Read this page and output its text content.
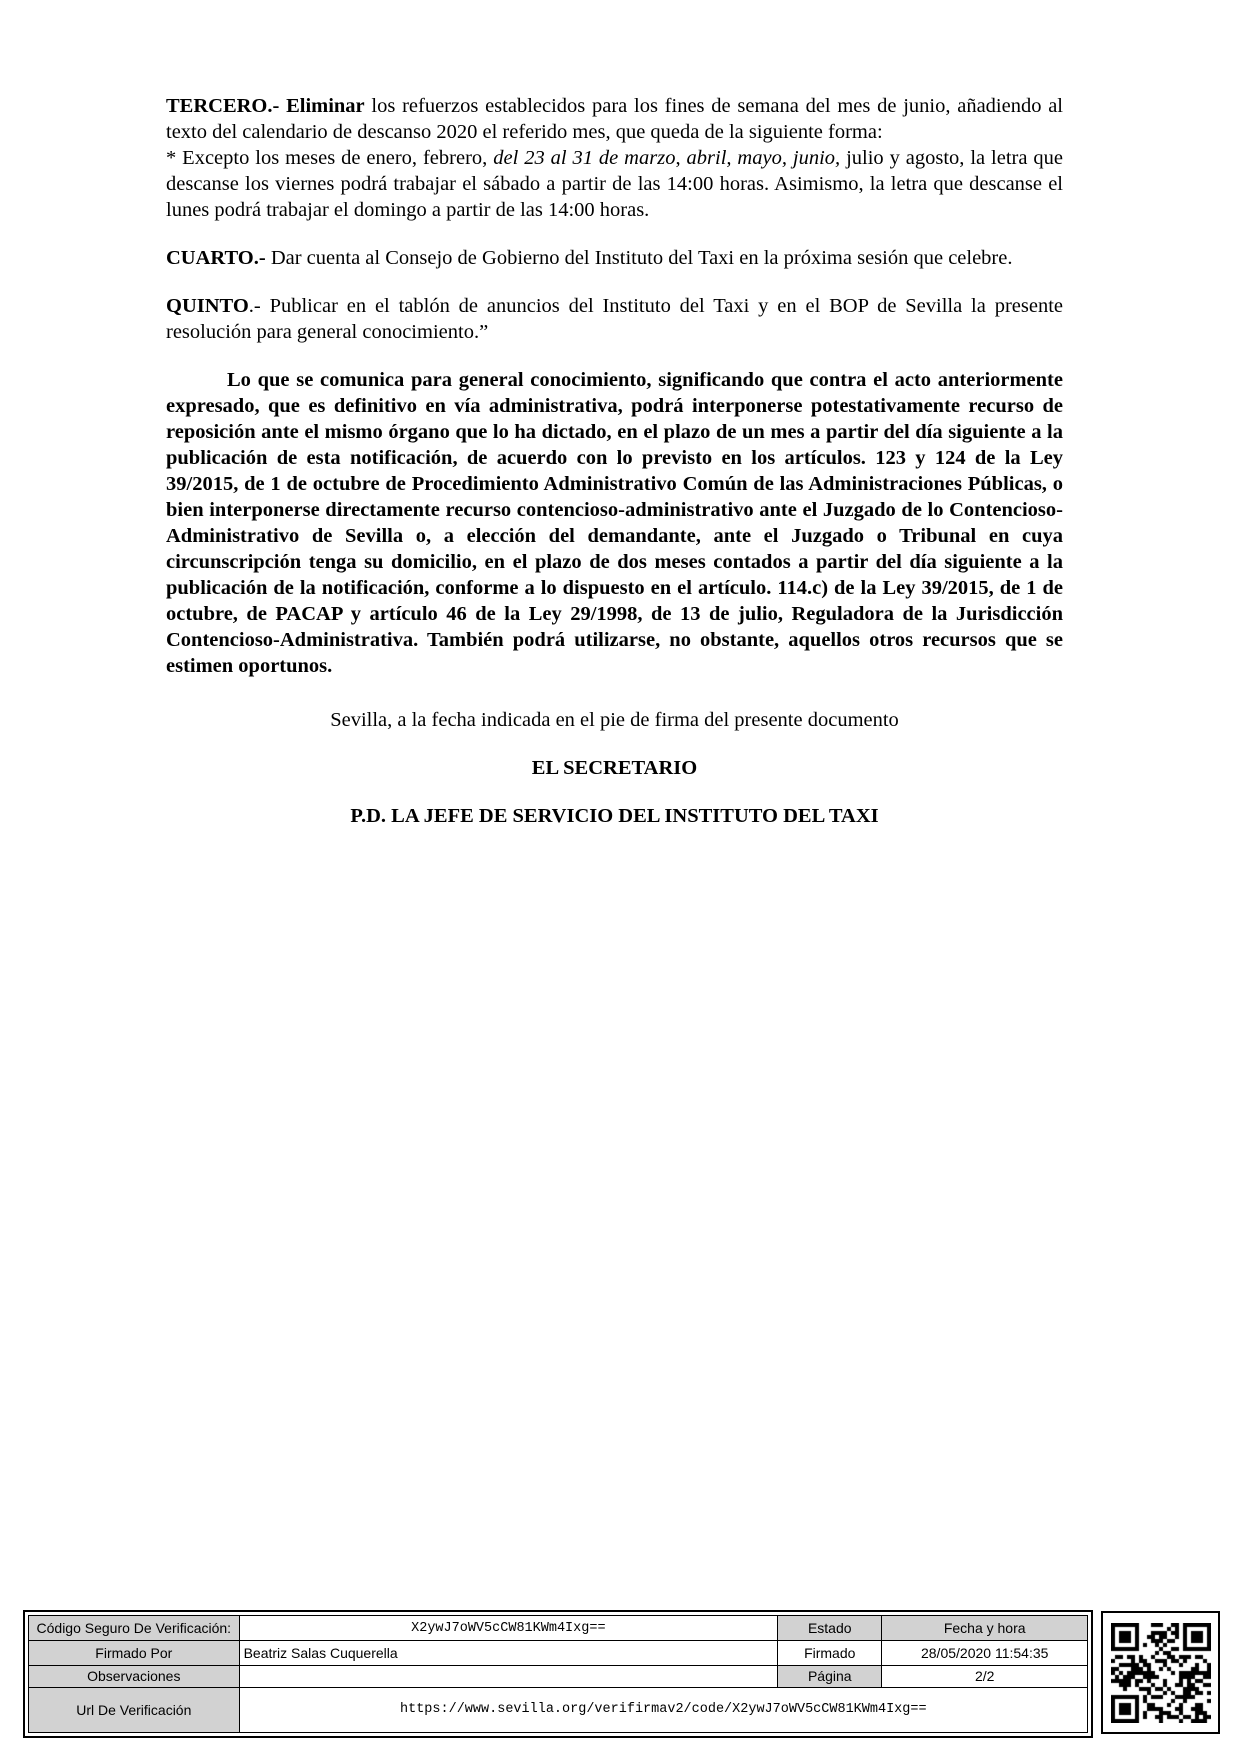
TERCERO.- Eliminar los refuerzos establecidos para los fines de semana del mes de junio, añadiendo al texto del calendario de descanso 2020 el referido mes, que queda de la siguiente forma:

* Excepto los meses de enero, febrero, del 23 al 31 de marzo, abril, mayo, junio, julio y agosto, la letra que descanse los viernes podrá trabajar el sábado a partir de las 14:00 horas. Asimismo, la letra que descanse el lunes podrá trabajar el domingo a partir de las 14:00 horas.

CUARTO.- Dar cuenta al Consejo de Gobierno del Instituto del Taxi en la próxima sesión que celebre.

QUINTO.- Publicar en el tablón de anuncios del Instituto del Taxi y en el BOP de Sevilla la presente resolución para general conocimiento.”

Lo que se comunica para general conocimiento, significando que contra el acto anteriormente expresado, que es definitivo en vía administrativa, podrá interponerse potestativamente recurso de reposición ante el mismo órgano que lo ha dictado, en el plazo de un mes a partir del día siguiente a la publicación de esta notificación, de acuerdo con lo previsto en los artículos. 123 y 124 de la Ley 39/2015, de 1 de octubre de Procedimiento Administrativo Común de las Administraciones Públicas, o bien interponerse directamente recurso contencioso-administrativo ante el Juzgado de lo Contencioso-Administrativo de Sevilla o, a elección del demandante, ante el Juzgado o Tribunal en cuya circunscripción tenga su domicilio, en el plazo de dos meses contados a partir del día siguiente a la publicación de la notificación, conforme a lo dispuesto en el artículo. 114.c) de la Ley 39/2015, de 1 de octubre, de PACAP y artículo 46 de la Ley 29/1998, de 13 de julio, Reguladora de la Jurisdicción Contencioso-Administrativa. También podrá utilizarse, no obstante, aquellos otros recursos que se estimen oportunos.

Sevilla, a la fecha indicada en el pie de firma del presente documento

EL SECRETARIO

P.D. LA JEFE DE SERVICIO DEL INSTITUTO DEL TAXI

Código Seguro De Verificación:	X2ywJ7oWV5cCW81KWm4Ixg==	Estado	Fecha y hora
Firmado Por	Beatriz Salas Cuquerella	Firmado	28/05/2020 11:54:35
Observaciones		Página	2/2
Url De Verificación	https://www.sevilla.org/verifirmav2/code/X2ywJ7oWV5cCW81KWm4Ixg==		
